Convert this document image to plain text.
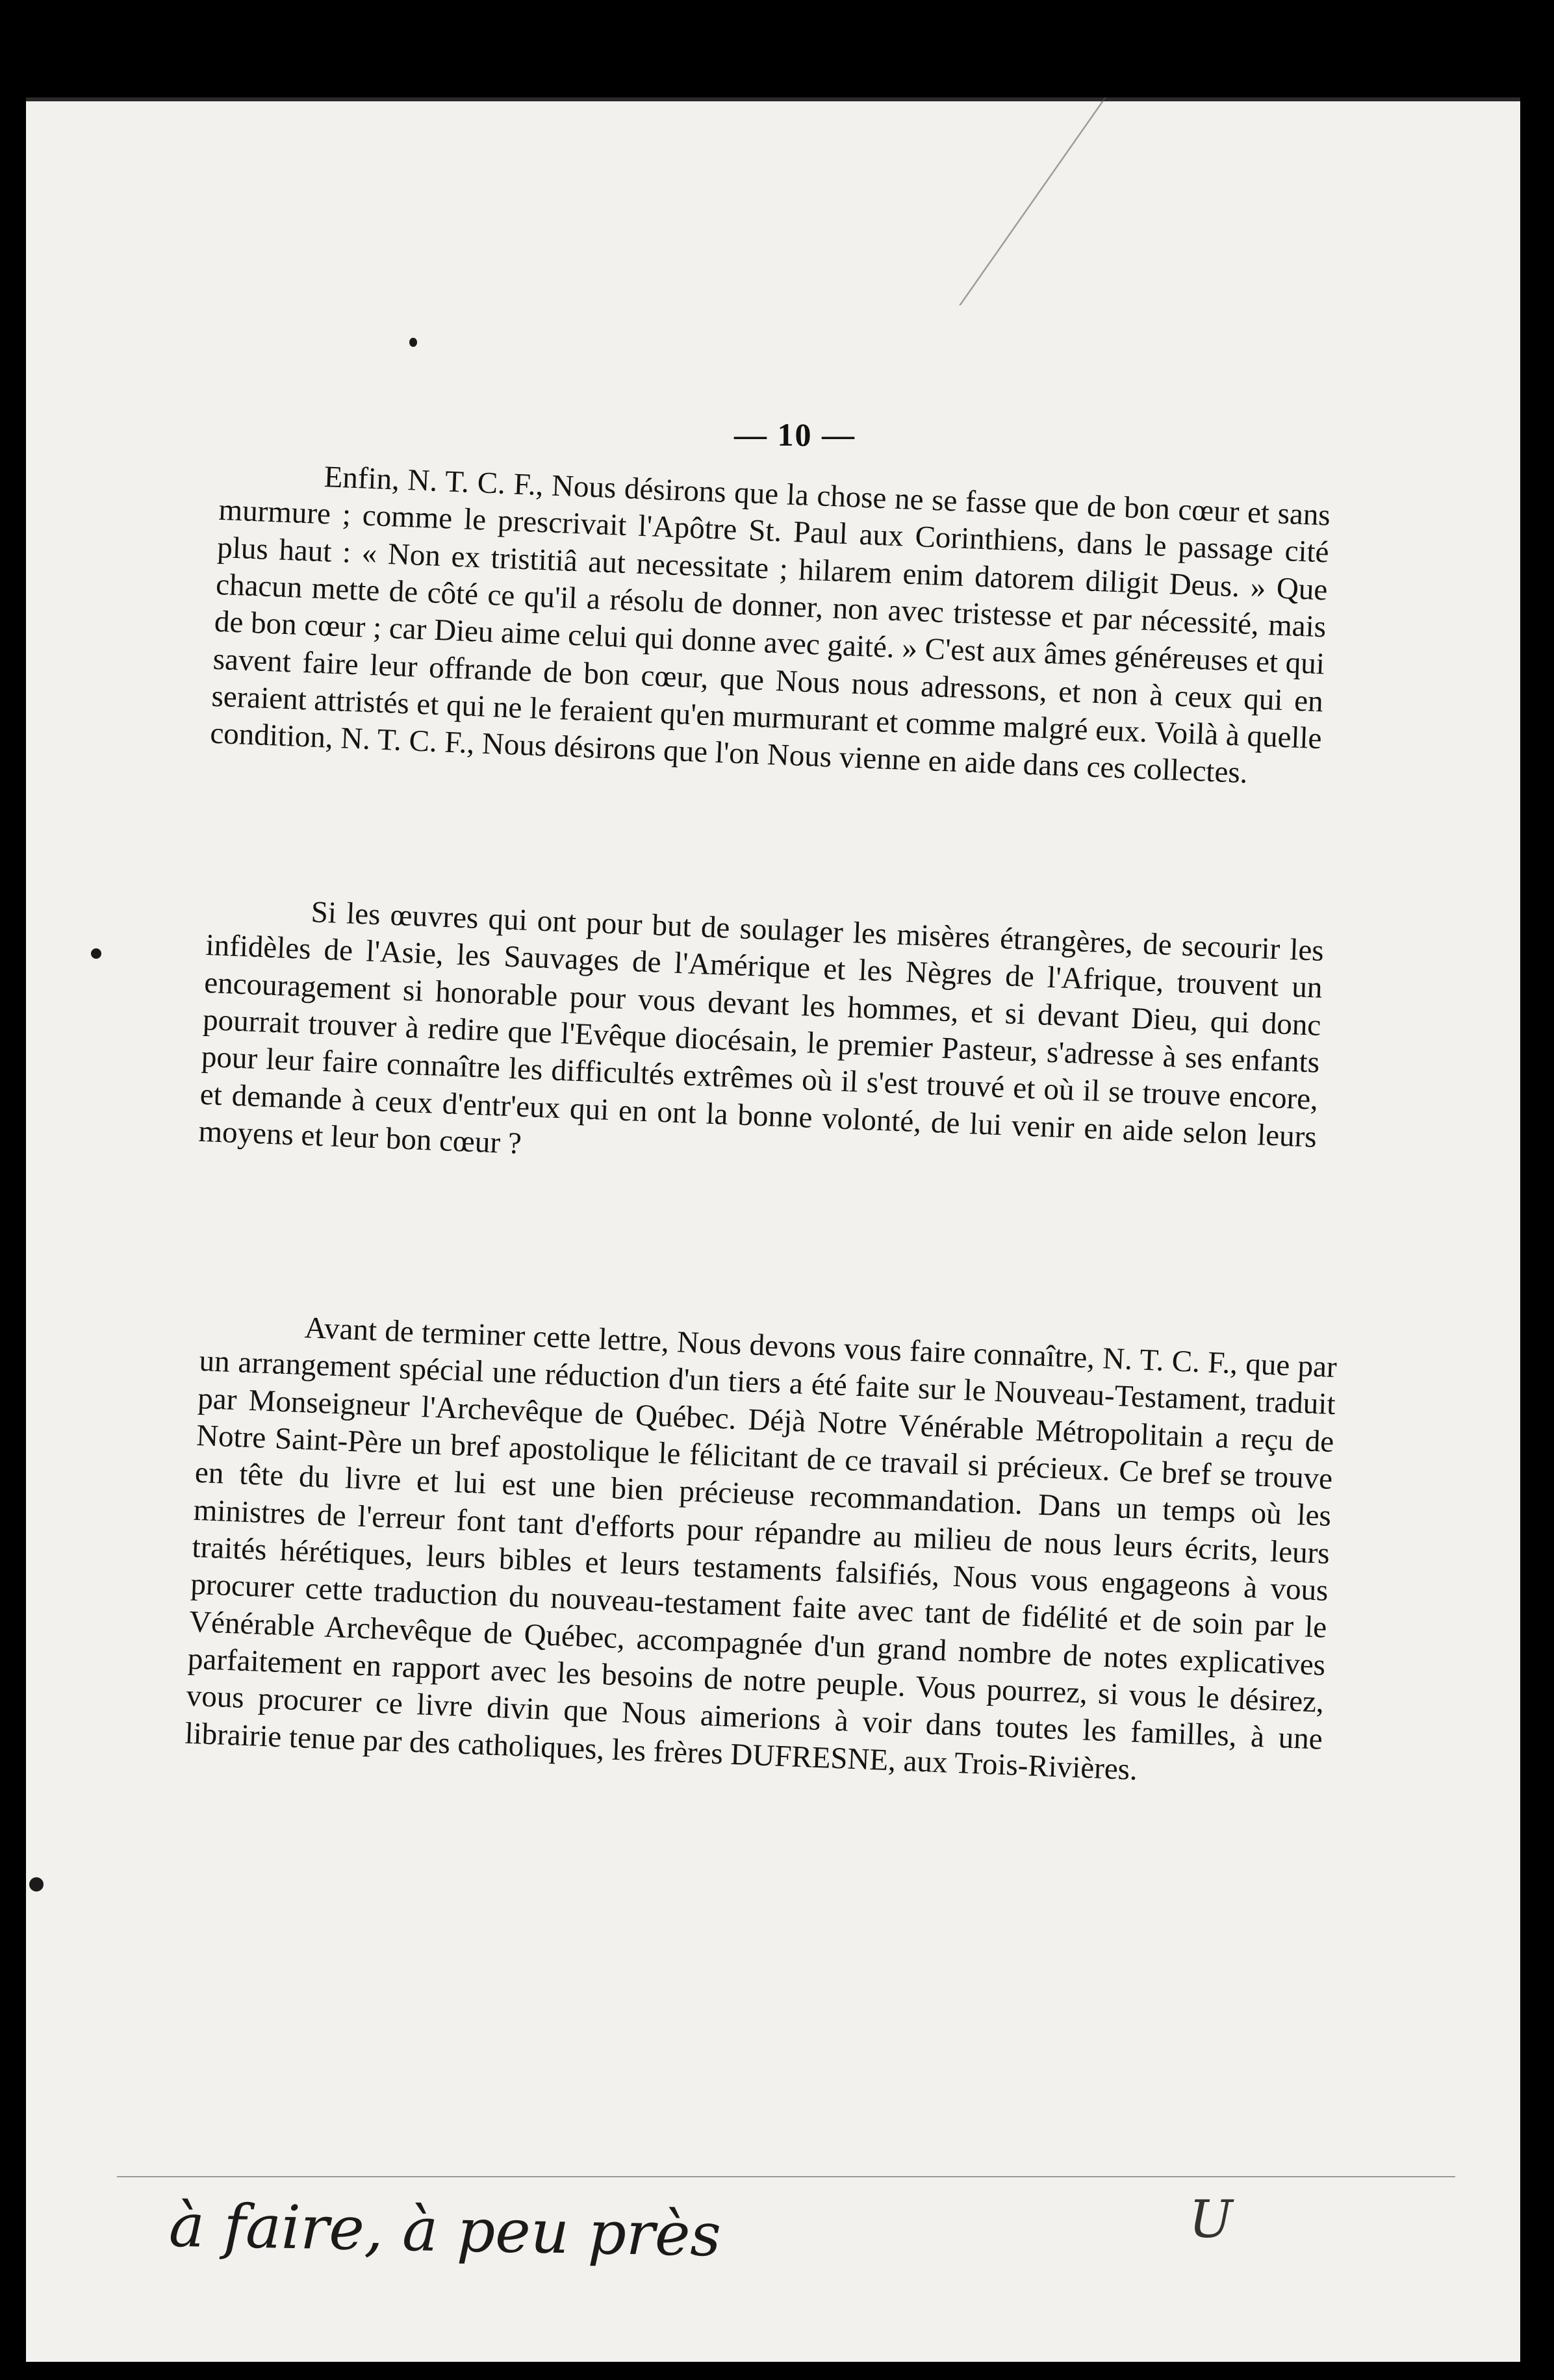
— 10 —

Enfin, N. T. C. F., Nous désirons que la chose ne se fasse que de bon cœur et sans murmure ; comme le prescrivait l'Apôtre St. Paul aux Corinthiens, dans le passage cité plus haut : « Non ex tristitiâ aut necessitate ; hilarem enim datorem diligit Deus. » Que chacun mette de côté ce qu'il a résolu de donner, non avec tristesse et par nécessité, mais de bon cœur ; car Dieu aime celui qui donne avec gaité. » C'est aux âmes généreuses et qui savent faire leur offrande de bon cœur, que Nous nous adressons, et non à ceux qui en seraient attristés et qui ne le feraient qu'en murmurant et comme malgré eux. Voilà à quelle condition, N. T. C. F., Nous désirons que l'on Nous vienne en aide dans ces collectes.

Si les œuvres qui ont pour but de soulager les misères étrangères, de secourir les infidèles de l'Asie, les Sauvages de l'Amérique et les Nègres de l'Afrique, trouvent un encouragement si honorable pour vous devant les hommes, et si devant Dieu, qui donc pourrait trouver à redire que l'Evêque diocésain, le premier Pasteur, s'adresse à ses enfants pour leur faire connaître les difficultés extrêmes où il s'est trouvé et où il se trouve encore, et demande à ceux d'entr'eux qui en ont la bonne volonté, de lui venir en aide selon leurs moyens et leur bon cœur ?

Avant de terminer cette lettre, Nous devons vous faire connaître, N. T. C. F., que par un arrangement spécial une réduction d'un tiers a été faite sur le Nouveau-Testament, traduit par Monseigneur l'Archevêque de Québec. Déjà Notre Vénérable Métropolitain a reçu de Notre Saint-Père un bref apostolique le félicitant de ce travail si précieux. Ce bref se trouve en tête du livre et lui est une bien précieuse recommandation. Dans un temps où les ministres de l'erreur font tant d'efforts pour répandre au milieu de nous leurs écrits, leurs traités hérétiques, leurs bibles et leurs testaments falsifiés, Nous vous engageons à vous procurer cette traduction du nouveau-testament faite avec tant de fidélité et de soin par le Vénérable Archevêque de Québec, accompagnée d'un grand nombre de notes explicatives parfaitement en rapport avec les besoins de notre peuple. Vous pourrez, si vous le désirez, vous procurer ce livre divin que Nous aimerions à voir dans toutes les familles, à une librairie tenue par des catholiques, les frères DUFRESNE, aux Trois-Rivières.

à faire, à peu près	U
